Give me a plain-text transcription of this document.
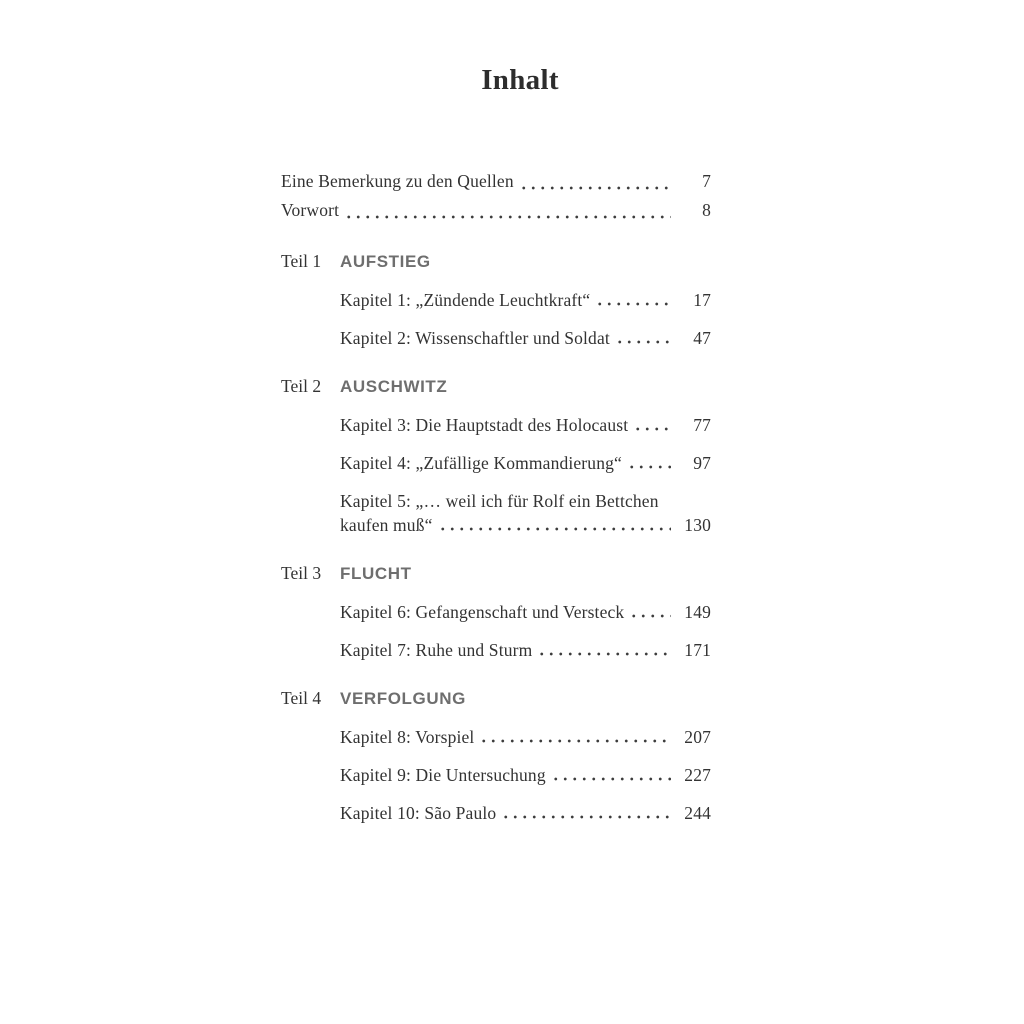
Inhalt
Eine Bemerkung zu den Quellen	7
Vorwort	8
Teil 1	AUFSTIEG
Kapitel 1: „Zündende Leuchtkraft“	17
Kapitel 2: Wissenschaftler und Soldat	47
Teil 2	AUSCHWITZ
Kapitel 3: Die Hauptstadt des Holocaust	77
Kapitel 4: „Zufällige Kommandierung“	97
Kapitel 5: „… weil ich für Rolf ein Bettchen
kaufen muß“	130
Teil 3	FLUCHT
Kapitel 6: Gefangenschaft und Versteck	149
Kapitel 7: Ruhe und Sturm	171
Teil 4	VERFOLGUNG
Kapitel 8: Vorspiel	207
Kapitel 9: Die Untersuchung	227
Kapitel 10: São Paulo	244
